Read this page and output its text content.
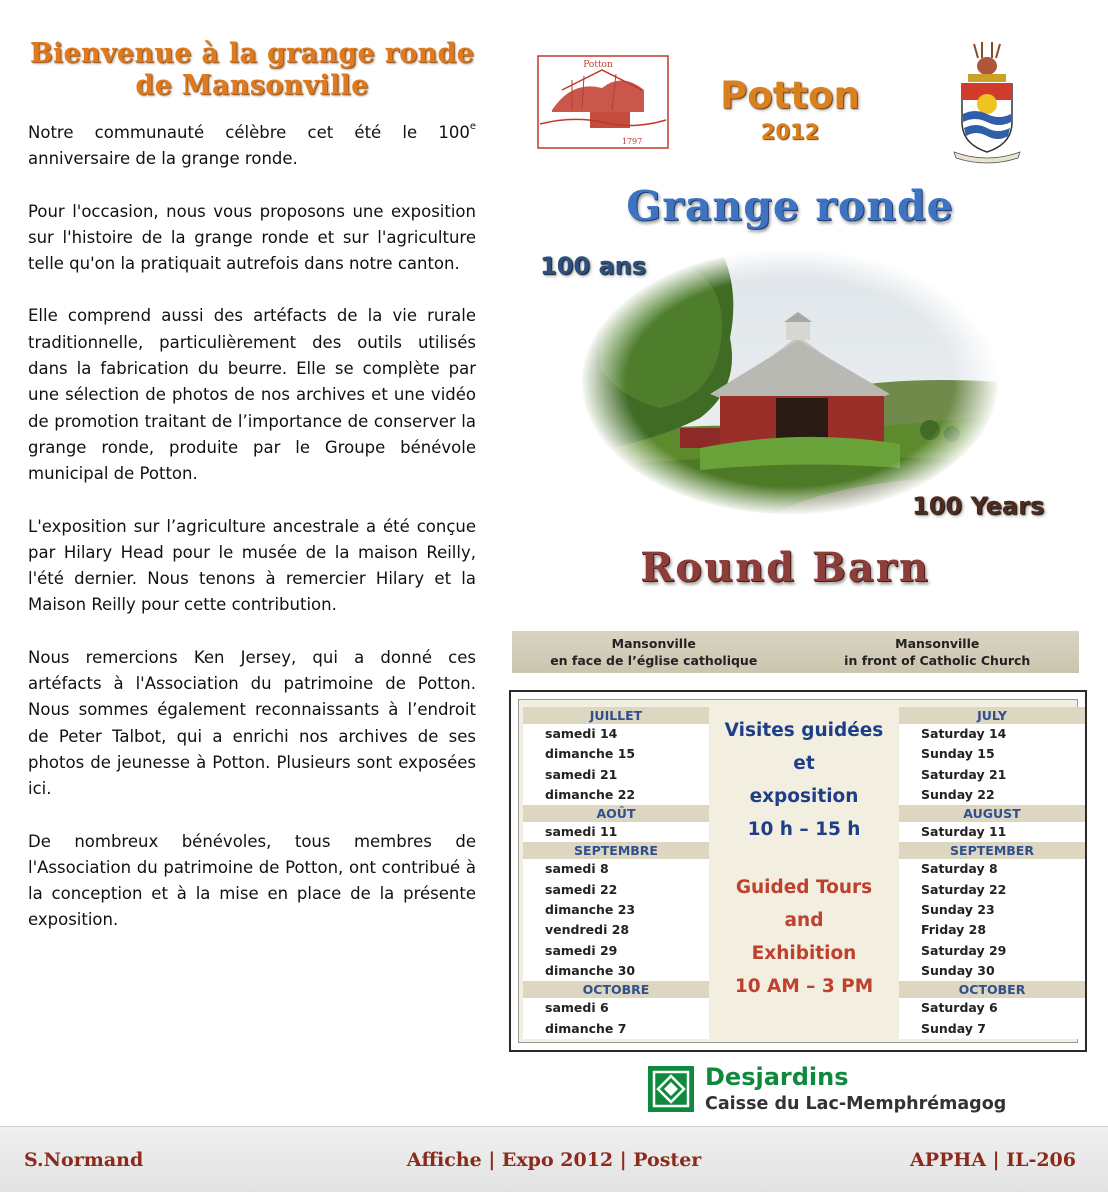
Bienvenue à la grange ronde
de Mansonville

Notre communauté célèbre cet été le 100e anniversaire de la grange ronde.

Pour l'occasion, nous vous proposons une exposition sur l'histoire de la grange ronde et sur l'agriculture telle qu'on la pratiquait autrefois dans notre canton.

Elle comprend aussi des artéfacts de la vie rurale traditionnelle, particulièrement des outils utilisés dans la fabrication du beurre. Elle se complète par une sélection de photos de nos archives et une vidéo de promotion traitant de l’importance de conserver la grange ronde, produite par le Groupe bénévole municipal de Potton.

L'exposition sur l’agriculture ancestrale a été conçue par Hilary Head pour le musée de la maison Reilly, l'été dernier. Nous tenons à remercier Hilary et la Maison Reilly pour cette contribution.

Nous remercions Ken Jersey, qui a donné ces artéfacts à l'Association du patrimoine de Potton. Nous sommes également reconnaissants à l’endroit de Peter Talbot, qui a enrichi nos archives de ses photos de jeunesse à Potton. Plusieurs sont exposées ici.

De nombreux bénévoles, tous membres de l'Association du patrimoine de Potton, ont contribué à la conception et à la mise en place de la présente exposition.

Potton
1797
Potton
2012
Grange ronde
100 ans
100 Years
Round Barn
Mansonville
en face de l’église catholique
Mansonville
in front of Catholic Church
JUILLET
samedi 14
dimanche 15
samedi 21
dimanche 22
AOÛT
samedi 11
SEPTEMBRE
samedi 8
samedi 22
dimanche 23
vendredi 28
samedi 29
dimanche 30
OCTOBRE
samedi 6
dimanche 7
Visites guidées
et
exposition
10 h – 15 h
Guided Tours
and
Exhibition
10 AM – 3 PM
JULY
Saturday 14
Sunday 15
Saturday 21
Sunday 22
AUGUST
Saturday 11
SEPTEMBER
Saturday 8
Saturday 22
Sunday 23
Friday 28
Saturday 29
Sunday 30
OCTOBER
Saturday 6
Sunday 7
Desjardins
Caisse du Lac-Memphrémagog
Affiche | Expo 2012 | Poster
S.Normand	APPHA | IL-206
